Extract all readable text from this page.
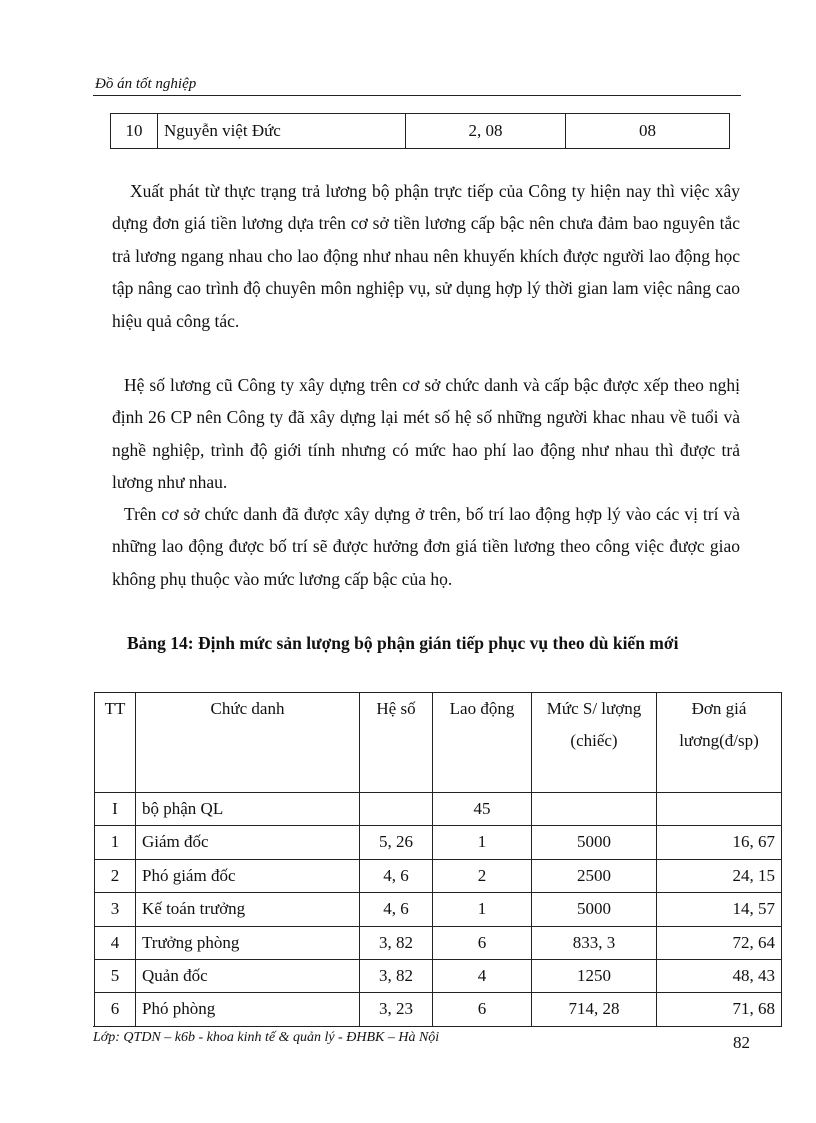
Đồ án tốt nghiệp
10	Nguyễn việt Đức	2, 08	08

Xuất phát từ thực trạng trả lương bộ phận trực tiếp của Công ty hiện nay thì việc xây dựng đơn giá tiền lương dựa trên cơ sở tiền lương cấp bậc nên chưa đảm bao nguyên tắc trả lương ngang nhau cho lao động như nhau nên khuyến khích được người lao động học tập nâng cao trình độ chuyên môn nghiệp vụ, sử dụng hợp lý thời gian lam việc nâng cao hiệu quả công tác.

Hệ số lương cũ Công ty xây dựng trên cơ sở chức danh và cấp bậc được xếp theo nghị định 26 CP nên Công ty đã xây dựng lại mét số hệ số những người khac nhau về tuổi và nghề nghiệp, trình độ giới tính nhưng có mức hao phí lao động như nhau thì được trả lương như nhau.

Trên cơ sở chức danh đã được xây dựng ở trên, bố trí lao động hợp lý vào các vị trí và những lao động được bố trí sẽ được hưởng đơn giá tiền lương theo công việc được giao không phụ thuộc vào mức lương cấp bậc của họ.

Bảng 14: Định mức sản lượng bộ phận gián tiếp phục vụ theo dù kiến mới

TT	Chức danh	Hệ số	Lao động	Mức S/ lượng (chiếc)	Đơn giá lương(đ/sp)
I	bộ phận QL		45		
1	Giám đốc	5, 26	1	5000	16, 67
2	Phó giám đốc	4, 6	2	2500	24, 15
3	Kế toán trưởng	4, 6	1	5000	14, 57
4	Trưởng phòng	3, 82	6	833, 3	72, 64
5	Quản đốc	3, 82	4	1250	48, 43
6	Phó phòng	3, 23	6	714, 28	71, 68
Lớp: QTDN – k6b - khoa kinh tế & quản lý - ĐHBK – Hà Nội	82
